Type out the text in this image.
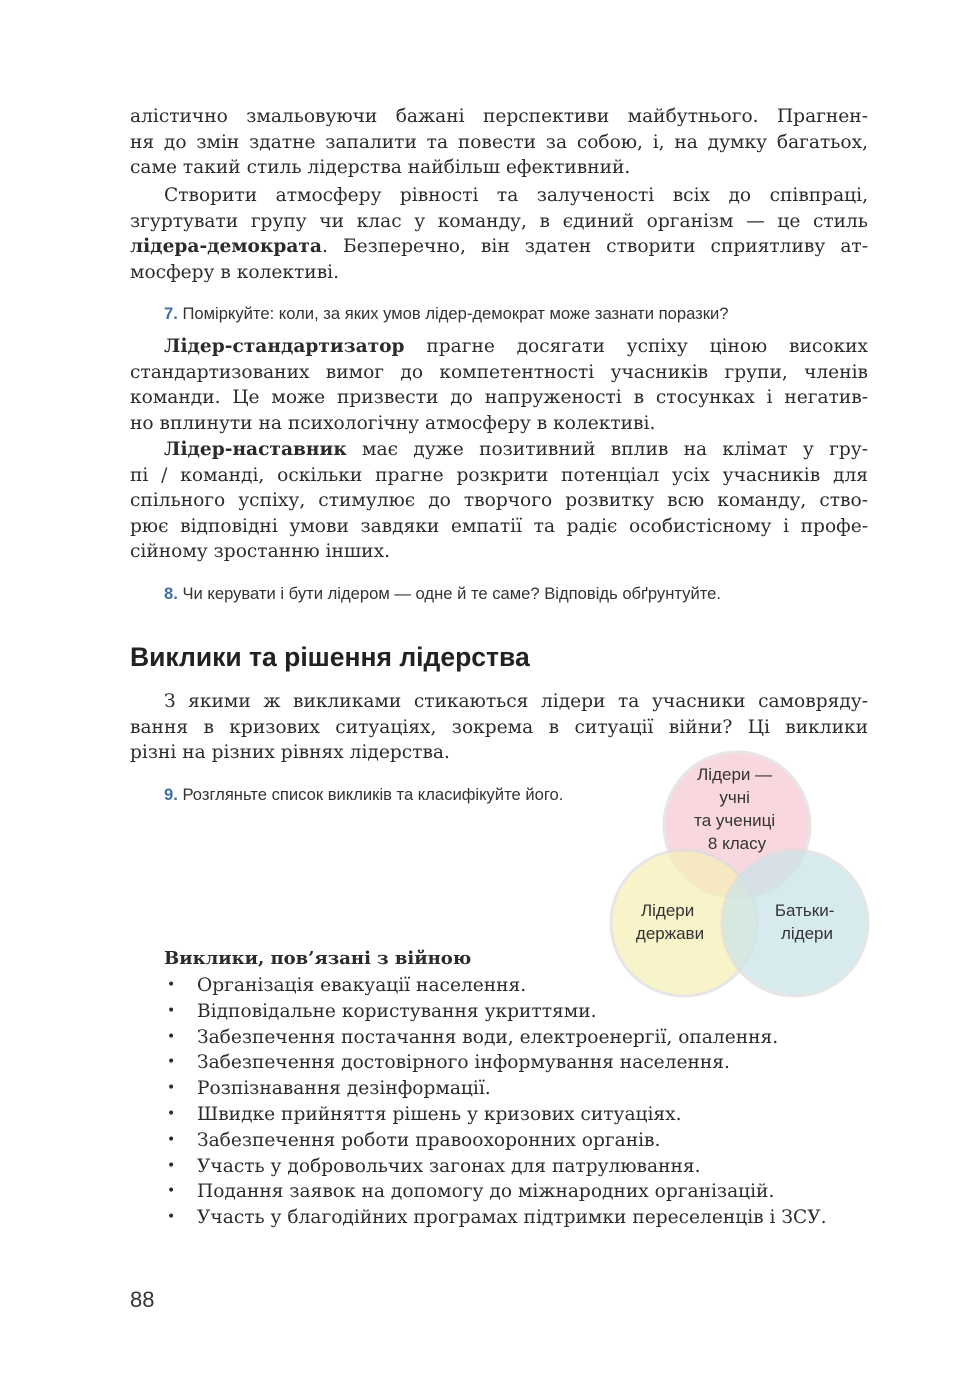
алістично змальовуючи бажані перспективи майбутнього. Прагнен-
ня до змін здатне запалити та повести за собою, і, на думку багатьох,
саме такий стиль лідерства найбільш ефективний.

Створити атмосферу рівності та залученості всіх до співпраці,
згуртувати групу чи клас у команду, в єдиний організм — це стиль
лідера-демократа. Безперечно, він здатен створити сприятливу ат-
мосферу в колективі.

7. Поміркуйте: коли, за яких умов лідер-демократ може зазнати поразки?

Лідер-стандартизатор прагне досягати успіху ціною високих
стандартизованих вимог до компетентності учасників групи, членів
команди. Це може призвести до напруженості в стосунках і негатив-
но вплинути на психологічну атмосферу в колективі.

Лідер-наставник має дуже позитивний вплив на клімат у гру-
пі / команді, оскільки прагне розкрити потенціал усіх учасників для
спільного успіху, стимулює до творчого розвитку всю команду, ство-
рює відповідні умови завдяки емпатії та радіє особистісному і профе-
сійному зростанню інших.

8. Чи керувати і бути лідером — одне й те саме? Відповідь обґрунтуйте.
Виклики та рішення лідерства

З якими ж викликами стикаються лідери та учасники самовряду-
вання в кризових ситуаціях, зокрема в ситуації війни? Ці виклики
різні на різних рівнях лідерства.

9. Розгляньте список викликів та класифікуйте його.
Лідери — учні та учениці 8 класу
Лідери держави
Батьки- лідери
Виклики, пов’язані з війною
• Організація евакуації населення.
• Відповідальне користування укриттями.
• Забезпечення постачання води, електроенергії, опалення.
• Забезпечення достовірного інформування населення.
• Розпізнавання дезінформації.
• Швидке прийняття рішень у кризових ситуаціях.
• Забезпечення роботи правоохоронних органів.
• Участь у добровольчих загонах для патрулювання.
• Подання заявок на допомогу до міжнародних організацій.
• Участь у благодійних програмах підтримки переселенців і ЗСУ.
88
